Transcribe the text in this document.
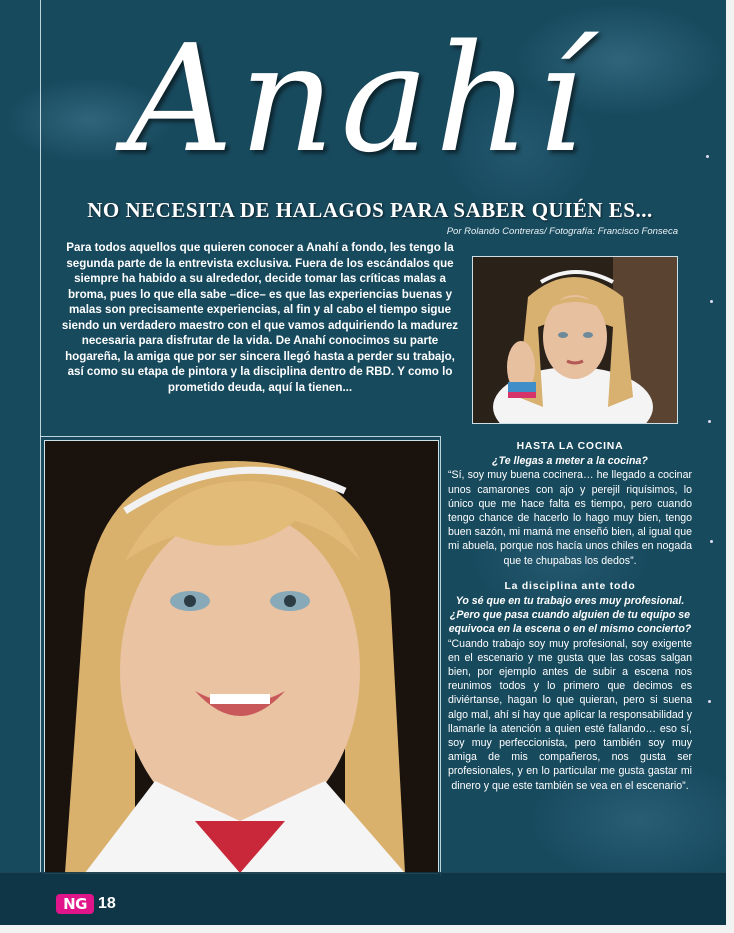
Anahí
NO NECESITA DE HALAGOS PARA SABER QUIÉN ES...
Por Rolando Contreras/ Fotografía: Francisco Fonseca
Para todos aquellos que quieren conocer a Anahí a fondo, les tengo la segunda parte de la entrevista exclusiva. Fuera de los escándalos que siempre ha habido a su alrededor, decide tomar las críticas malas a broma, pues lo que ella sabe –dice– es que las experiencias buenas y malas son precisamente experiencias, al fin y al cabo el tiempo sigue siendo un verdadero maestro con el que vamos adquiriendo la madurez necesaria para disfrutar de la vida. De Anahí conocimos su parte hogareña, la amiga que por ser sincera llegó hasta a perder su trabajo, así como su etapa de pintora y la disciplina dentro de RBD. Y como lo prometido deuda, aquí la tienen...
HASTA LA COCINA
¿Te llegas a meter a la cocina?
“Sí, soy muy buena cocinera… he llegado a cocinar unos camarones con ajo y perejil riquísimos, lo único que me hace falta es tiempo, pero cuando tengo chance de hacerlo lo hago muy bien, tengo buen sazón, mi mamá me enseñó bien, al igual que mi abuela, porque nos hacía unos chiles en nogada que te chupabas los dedos”.
La disciplina ante todo
Yo sé que en tu trabajo eres muy profesional. ¿Pero que pasa cuando alguien de tu equipo se equivoca en la escena o en el mismo concierto?
“Cuando trabajo soy muy profesional, soy exigente en el escenario y me gusta que las cosas salgan bien, por ejemplo antes de subir a escena nos reunimos todos y lo primero que decimos es diviértanse, hagan lo que quieran, pero si suena algo mal, ahí sí hay que aplicar la responsabilidad y llamarle la atención a quien esté fallando… eso sí, soy muy perfeccionista, pero también soy muy amiga de mis compañeros, nos gusta ser profesionales, y en lo particular me gusta gastar mi dinero y que este también se vea en el escenario”.
NG 18
